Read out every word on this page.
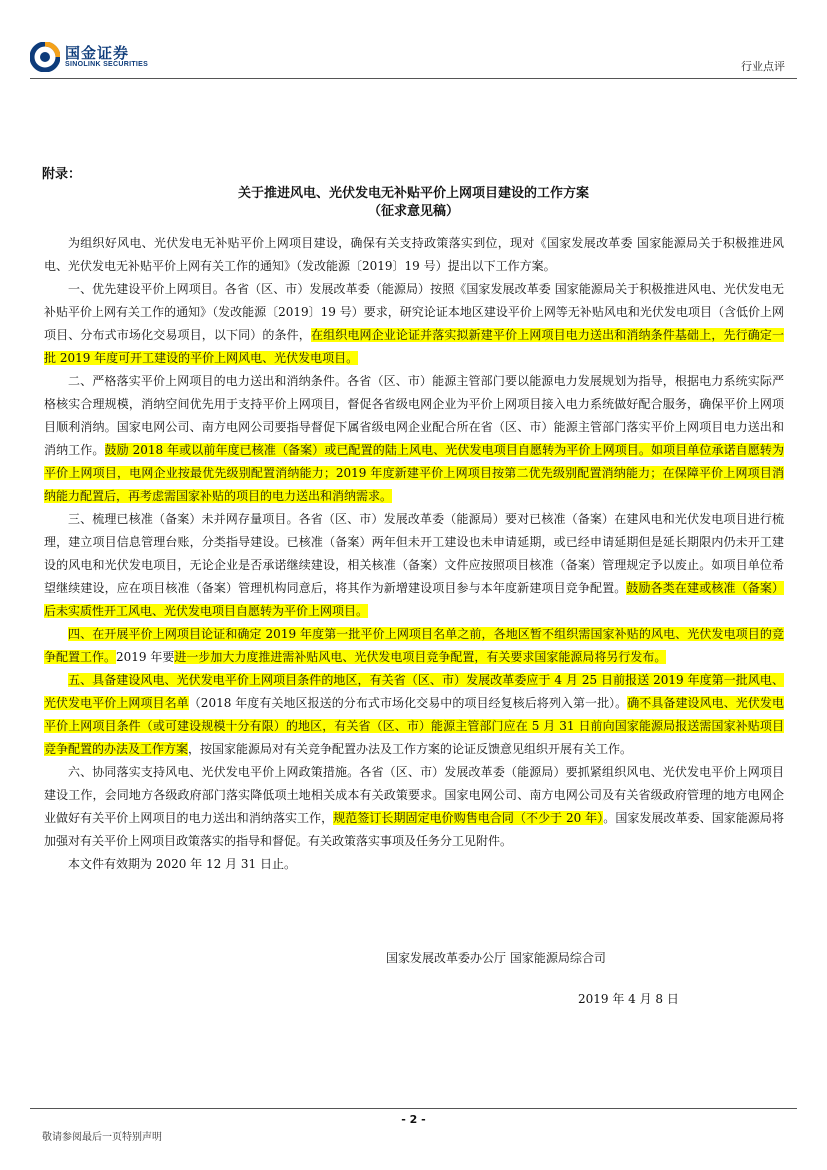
国金证券
SINOLINK SECURITIES	行业点评
附录：
关于推进风电、光伏发电无补贴平价上网项目建设的工作方案
（征求意见稿）

为组织好风电、光伏发电无补贴平价上网项目建设，确保有关支持政策落实到位，现对《国家发展改革委 国家能源局关于积极推进风电、光伏发电无补贴平价上网有关工作的通知》（发改能源〔2019〕19 号）提出以下工作方案。

一、优先建设平价上网项目。各省（区、市）发展改革委（能源局）按照《国家发展改革委 国家能源局关于积极推进风电、光伏发电无补贴平价上网有关工作的通知》（发改能源〔2019〕19 号）要求，研究论证本地区建设平价上网等无补贴风电和光伏发电项目（含低价上网项目、分布式市场化交易项目，以下同）的条件，在组织电网企业论证并落实拟新建平价上网项目电力送出和消纳条件基础上，先行确定一批 2019 年度可开工建设的平价上网风电、光伏发电项目。

二、严格落实平价上网项目的电力送出和消纳条件。各省（区、市）能源主管部门要以能源电力发展规划为指导，根据电力系统实际严格核实合理规模，消纳空间优先用于支持平价上网项目，督促各省级电网企业为平价上网项目接入电力系统做好配合服务，确保平价上网项目顺利消纳。国家电网公司、南方电网公司要指导督促下属省级电网企业配合所在省（区、市）能源主管部门落实平价上网项目电力送出和消纳工作。鼓励 2018 年或以前年度已核准（备案）或已配置的陆上风电、光伏发电项目自愿转为平价上网项目。如项目单位承诺自愿转为平价上网项目，电网企业按最优先级别配置消纳能力；2019 年度新建平价上网项目按第二优先级别配置消纳能力；在保障平价上网项目消纳能力配置后，再考虑需国家补贴的项目的电力送出和消纳需求。

三、梳理已核准（备案）未并网存量项目。各省（区、市）发展改革委（能源局）要对已核准（备案）在建风电和光伏发电项目进行梳理，建立项目信息管理台账，分类指导建设。已核准（备案）两年但未开工建设也未申请延期，或已经申请延期但是延长期限内仍未开工建设的风电和光伏发电项目，无论企业是否承诺继续建设，相关核准（备案）文件应按照项目核准（备案）管理规定予以废止。如项目单位希望继续建设，应在项目核准（备案）管理机构同意后，将其作为新增建设项目参与本年度新建项目竞争配置。鼓励各类在建或核准（备案）后未实质性开工风电、光伏发电项目自愿转为平价上网项目。

四、在开展平价上网项目论证和确定 2019 年度第一批平价上网项目名单之前，各地区暂不组织需国家补贴的风电、光伏发电项目的竞争配置工作。2019 年要进一步加大力度推进需补贴风电、光伏发电项目竞争配置，有关要求国家能源局将另行发布。

五、具备建设风电、光伏发电平价上网项目条件的地区，有关省（区、市）发展改革委应于 4 月 25 日前报送 2019 年度第一批风电、光伏发电平价上网项目名单（2018 年度有关地区报送的分布式市场化交易中的项目经复核后将列入第一批）。确不具备建设风电、光伏发电平价上网项目条件（或可建设规模十分有限）的地区，有关省（区、市）能源主管部门应在 5 月 31 日前向国家能源局报送需国家补贴项目竞争配置的办法及工作方案，按国家能源局对有关竞争配置办法及工作方案的论证反馈意见组织开展有关工作。

六、协同落实支持风电、光伏发电平价上网政策措施。各省（区、市）发展改革委（能源局）要抓紧组织风电、光伏发电平价上网项目建设工作，会同地方各级政府部门落实降低项土地相关成本有关政策要求。国家电网公司、南方电网公司及有关省级政府管理的地方电网企业做好有关平价上网项目的电力送出和消纳落实工作，规范签订长期固定电价购售电合同（不少于 20 年）。国家发展改革委、国家能源局将加强对有关平价上网项目政策落实的指导和督促。有关政策落实事项及任务分工见附件。

本文件有效期为 2020 年 12 月 31 日止。

国家发展改革委办公厅 国家能源局综合司
2019 年 4 月 8 日
- 2 -
敬请参阅最后一页特别声明
